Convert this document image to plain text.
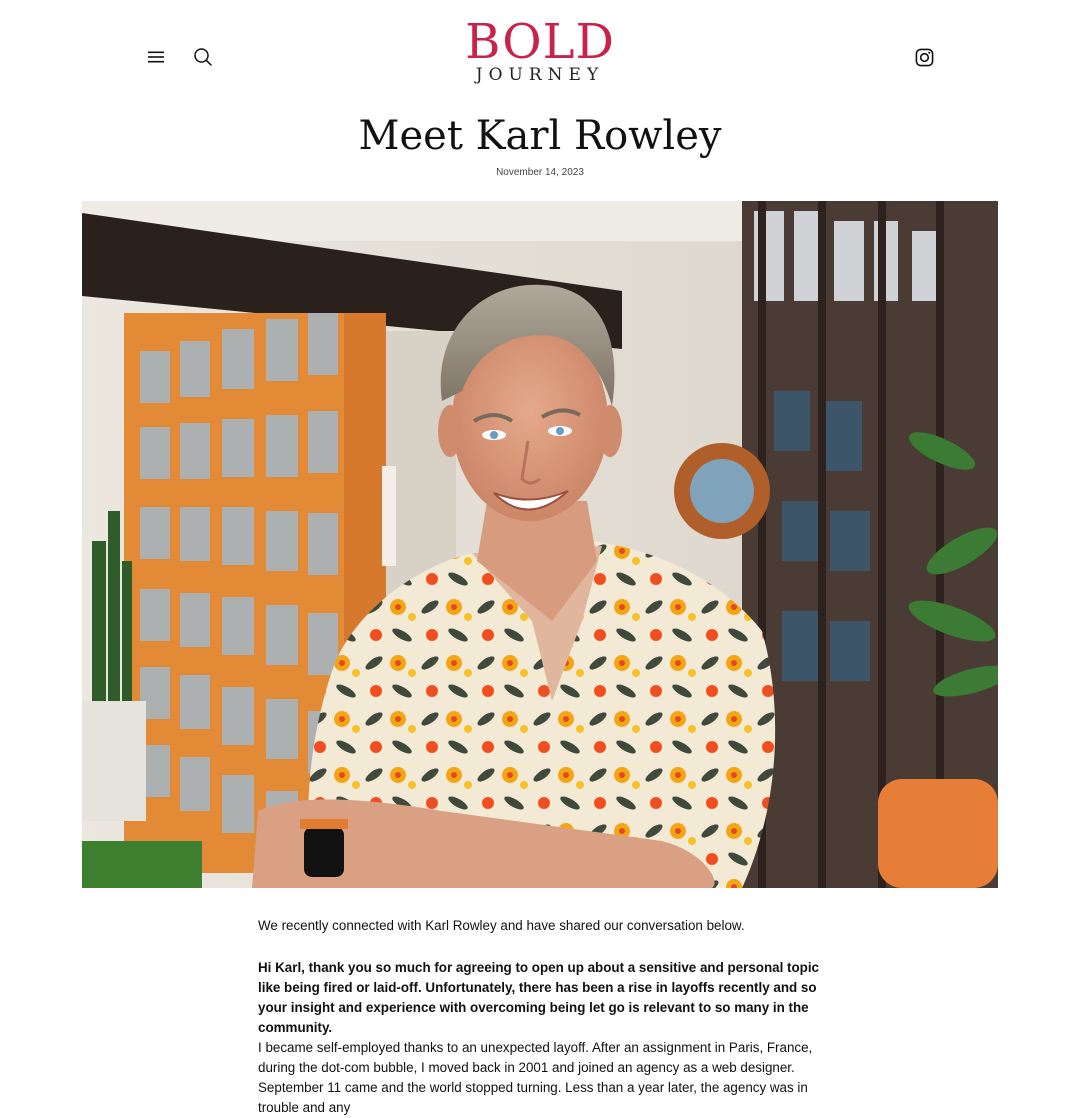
BOLD
JOURNEY
Meet Karl Rowley
November 14, 2023

We recently connected with Karl Rowley and have shared our conversation below.

Hi Karl, thank you so much for agreeing to open up about a sensitive and personal topic like being fired or laid-off. Unfortunately, there has been a rise in layoffs recently and so your insight and experience with overcoming being let go is relevant to so many in the community.

I became self-employed thanks to an unexpected layoff. After an assignment in Paris, France, during the dot-com bubble, I moved back in 2001 and joined an agency as a web designer. September 11 came and the world stopped turning. Less than a year later, the agency was in trouble and any
